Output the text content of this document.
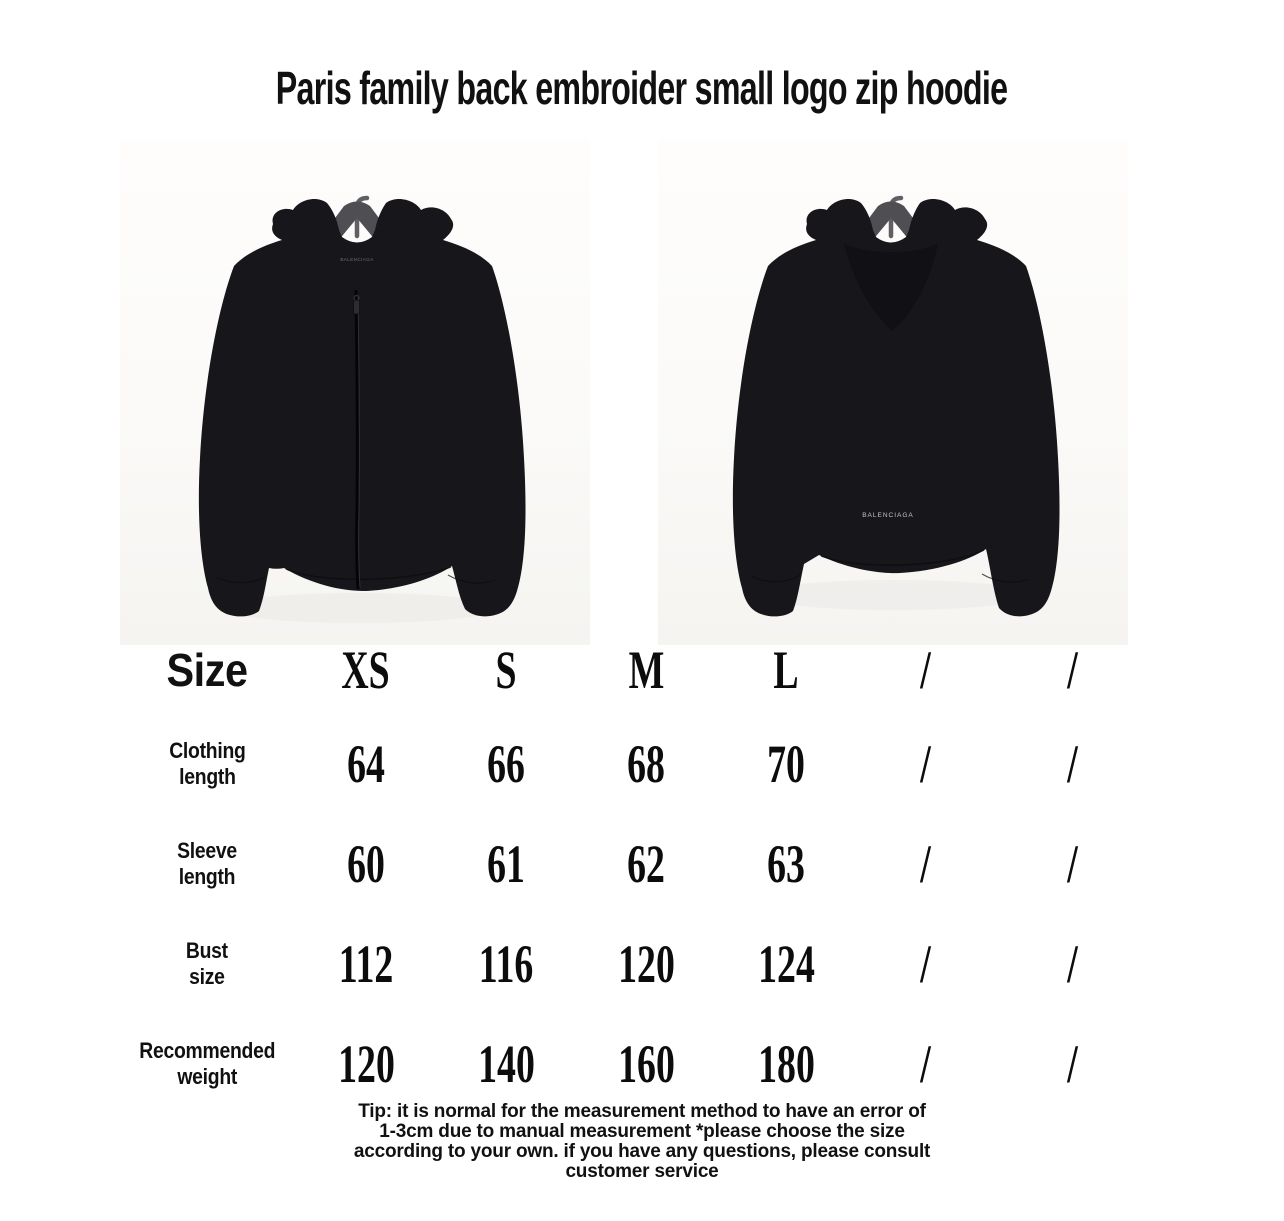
Paris family back embroider small logo zip hoodie
BALENCIAGA
BALENCIAGA
Size XS S M L /	/
Clothing
length 64 66 68 70 /	/
Sleeve
length 60 61 62 63 /	/
Bust
size 112 116 120 124 /	/
Recommended
weight	120 140 160 180 /	/
Tip: it is normal for the measurement method to have an error of
1-3cm due to manual measurement *please choose the size
according to your own. if you have any questions, please consult
customer service
